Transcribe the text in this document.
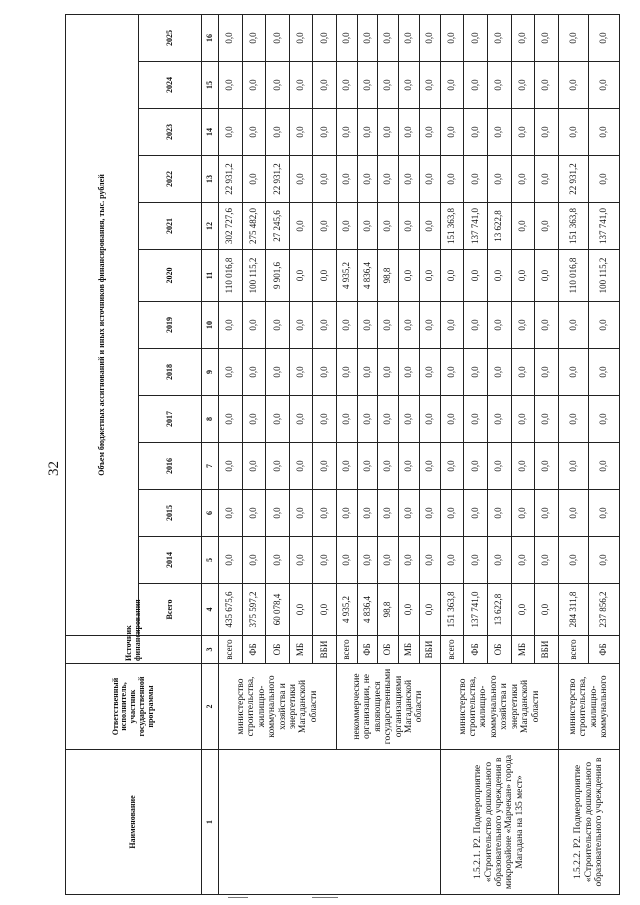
32
Наименование	Ответственный исполнитель, участник государственной программы	Источник финансирования	Объем бюджетных ассигнований и иных источников финансирования, тыс. рублей												
			Всего	2014	2015	2016	2017	2018	2019	2020	2021	2022	2023	2024	2025
1	2	3	4	5	6	7	8	9	10	11	12	13	14	15	16
	министерство строительства, жилищно-коммунального хозяйства и энергетики Магаданской области	всего	435 675,6	0,0	0,0	0,0	0,0	0,0	0,0	110 016,8	302 727,6	22 931,2	0,0	0,0	0,0
		ФБ	375 597,2	0,0	0,0	0,0	0,0	0,0	0,0	100 115,2	275 482,0	0,0	0,0	0,0	0,0
		ОБ	60 078,4	0,0	0,0	0,0	0,0	0,0	0,0	9 901,6	27 245,6	22 931,2	0,0	0,0	0,0
		МБ	0,0	0,0	0,0	0,0	0,0	0,0	0,0	0,0	0,0	0,0	0,0	0,0	0,0
		ВБИ	0,0	0,0	0,0	0,0	0,0	0,0	0,0	0,0	0,0	0,0	0,0	0,0	0,0
	некоммерческие организации, не являющиеся государственными организациями Магаданской области	всего	4 935,2	0,0	0,0	0,0	0,0	0,0	0,0	4 935,2	0,0	0,0	0,0	0,0	0,0
		ФБ	4 836,4	0,0	0,0	0,0	0,0	0,0	0,0	4 836,4	0,0	0,0	0,0	0,0	0,0
		ОБ	98,8	0,0	0,0	0,0	0,0	0,0	0,0	98,8	0,0	0,0	0,0	0,0	0,0
		МБ	0,0	0,0	0,0	0,0	0,0	0,0	0,0	0,0	0,0	0,0	0,0	0,0	0,0
		ВБИ	0,0	0,0	0,0	0,0	0,0	0,0	0,0	0,0	0,0	0,0	0,0	0,0	0,0
1.5.2.1. Р2. Подмероприятие «Строительство дошкольного образовательного учреждения в микрорайоне «Марчекан» города Магадана на 135 мест»	министерство строительства, жилищно-коммунального хозяйства и энергетики Магаданской области	всего	151 363,8	0,0	0,0	0,0	0,0	0,0	0,0	0,0	151 363,8	0,0	0,0	0,0	0,0
		ФБ	137 741,0	0,0	0,0	0,0	0,0	0,0	0,0	0,0	137 741,0	0,0	0,0	0,0	0,0
		ОБ	13 622,8	0,0	0,0	0,0	0,0	0,0	0,0	0,0	13 622,8	0,0	0,0	0,0	0,0
		МБ	0,0	0,0	0,0	0,0	0,0	0,0	0,0	0,0	0,0	0,0	0,0	0,0	0,0
		ВБИ	0,0	0,0	0,0	0,0	0,0	0,0	0,0	0,0	0,0	0,0	0,0	0,0	0,0
1.5.2.2. Р2. Подмероприятие «Строительство дошкольного образовательного учреждения в	министерство строительства, жилищно-коммунального	всего	284 311,8	0,0	0,0	0,0	0,0	0,0	0,0	110 016,8	151 363,8	22 931,2	0,0	0,0	0,0
		ФБ	237 856,2	0,0	0,0	0,0	0,0	0,0	0,0	100 115,2	137 741,0	0,0	0,0	0,0	0,0
